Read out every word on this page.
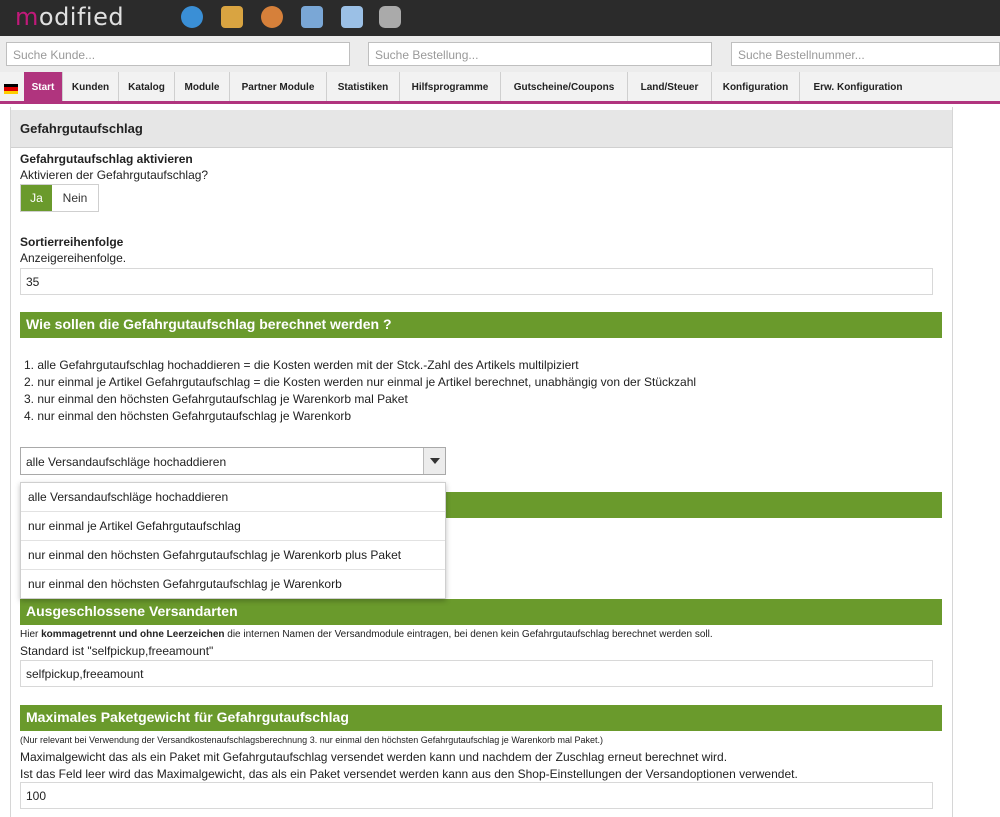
modified
Suche Kunde...	Suche Bestellung...	Suche Bestellnummer...
Start	Kunden	Katalog	Module	Partner Module	Statistiken	Hilfsprogramme	Gutscheine/Coupons	Land/Steuer	Konfiguration	Erw. Konfiguration
Gefahrgutaufschlag
Gefahrgutaufschlag aktivieren
Aktivieren der Gefahrgutaufschlag?
Ja	Nein
Sortierreihenfolge
Anzeigereihenfolge.
35
Wie sollen die Gefahrgutaufschlag berechnet werden ?
1. alle Gefahrgutaufschlag hochaddieren = die Kosten werden mit der Stck.-Zahl des Artikels multilpiziert
2. nur einmal je Artikel Gefahrgutaufschlag = die Kosten werden nur einmal je Artikel berechnet, unabhängig von der Stückzahl
3. nur einmal den höchsten Gefahrgutaufschlag je Warenkorb mal Paket
4. nur einmal den höchsten Gefahrgutaufschlag je Warenkorb
alle Versandaufschläge hochaddieren
alle Versandaufschläge hochaddieren
nur einmal je Artikel Gefahrgutaufschlag
nur einmal den höchsten Gefahrgutaufschlag je Warenkorb plus Paket
nur einmal den höchsten Gefahrgutaufschlag je Warenkorb
Ausgeschlossene Versandarten
Hier kommagetrennt und ohne Leerzeichen die internen Namen der Versandmodule eintragen, bei denen kein Gefahrgutaufschlag berechnet werden soll.
Standard ist "selfpickup,freeamount"
selfpickup,freeamount
Maximales Paketgewicht für Gefahrgutaufschlag
(Nur relevant bei Verwendung der Versandkostenaufschlagsberechnung 3. nur einmal den höchsten Gefahrgutaufschlag je Warenkorb mal Paket.)
Maximalgewicht das als ein Paket mit Gefahrgutaufschlag versendet werden kann und nachdem der Zuschlag erneut berechnet wird.
Ist das Feld leer wird das Maximalgewicht, das als ein Paket versendet werden kann aus den Shop-Einstellungen der Versandoptionen verwendet.
100
